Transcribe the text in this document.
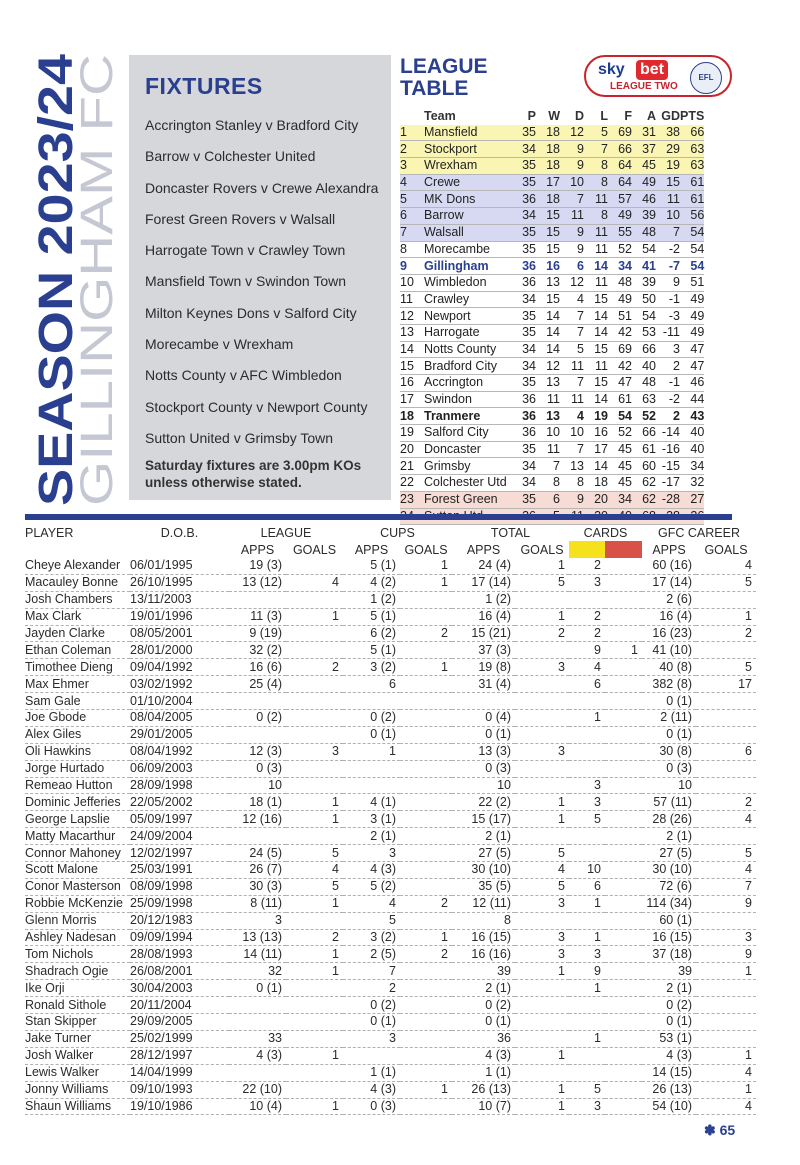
SEASON 2023/24
GILLINGHAM FC
FIXTURES
Accrington Stanley v Bradford City
Barrow v Colchester United
Doncaster Rovers v Crewe Alexandra
Forest Green Rovers v Walsall
Harrogate Town v Crawley Town
Mansfield Town v Swindon Town
Milton Keynes Dons v Salford City
Morecambe v Wrexham
Notts County v AFC Wimbledon
Stockport County v Newport County
Sutton United v Grimsby Town
Saturday fixtures are 3.00pm KOs unless otherwise stated.
LEAGUE
TABLE
sky bet
LEAGUE TWO
EFL
	Team	P	W	D	L	F	A	GD	PTS
1	Mansfield	35	18	12	5	69	31	38	66
2	Stockport	34	18	9	7	66	37	29	63
3	Wrexham	35	18	9	8	64	45	19	63
4	Crewe	35	17	10	8	64	49	15	61
5	MK Dons	36	18	7	11	57	46	11	61
6	Barrow	34	15	11	8	49	39	10	56
7	Walsall	35	15	9	11	55	48	7	54
8	Morecambe	35	15	9	11	52	54	-2	54
9	Gillingham	36	16	6	14	34	41	-7	54
10	Wimbledon	36	13	12	11	48	39	9	51
11	Crawley	34	15	4	15	49	50	-1	49
12	Newport	35	14	7	14	51	54	-3	49
13	Harrogate	35	14	7	14	42	53	-11	49
14	Notts County	34	14	5	15	69	66	3	47
15	Bradford City	34	12	11	11	42	40	2	47
16	Accrington	35	13	7	15	47	48	-1	46
17	Swindon	36	11	11	14	61	63	-2	44
18	Tranmere	36	13	4	19	54	52	2	43
19	Salford City	36	10	10	16	52	66	-14	40
20	Doncaster	35	11	7	17	45	61	-16	40
21	Grimsby	34	7	13	14	45	60	-15	34
22	Colchester Utd	34	8	8	18	45	62	-17	32
23	Forest Green	35	6	9	20	34	62	-28	27

PLAYER	D.O.B.	LEAGUE		CUPS		TOTAL		CARDS		GFC CAREER	
		APPS	GOALS	APPS	GOALS	APPS	GOALS			APPS	GOALS
Cheye Alexander	06/01/1995	19 (3)		5 (1)	1	24 (4)	1	2		60 (16)	4
Macauley Bonne	26/10/1995	13 (12)	4	4 (2)	1	17 (14)	5	3		17 (14)	5
Josh Chambers	13/11/2003			1 (2)		1 (2)				2 (6)	
Max Clark	19/01/1996	11 (3)	1	5 (1)		16 (4)	1	2		16 (4)	1
Jayden Clarke	08/05/2001	9 (19)		6 (2)	2	15 (21)	2	2		16 (23)	2
Ethan Coleman	28/01/2000	32 (2)		5 (1)		37 (3)		9	1	41 (10)	
Timothee Dieng	09/04/1992	16 (6)	2	3 (2)	1	19 (8)	3	4		40 (8)	5
Max Ehmer	03/02/1992	25 (4)		6		31 (4)		6		382 (8)	17
Sam Gale	01/10/2004									0 (1)	
Joe Gbode	08/04/2005	0 (2)		0 (2)		0 (4)		1		2 (11)	
Alex Giles	29/01/2005			0 (1)		0 (1)				0 (1)	
Oli Hawkins	08/04/1992	12 (3)	3	1		13 (3)	3			30 (8)	6
Jorge Hurtado	06/09/2003	0 (3)				0 (3)				0 (3)	
Remeao Hutton	28/09/1998	10				10		3		10	
Dominic Jefferies	22/05/2002	18 (1)	1	4 (1)		22 (2)	1	3		57 (11)	2
George Lapslie	05/09/1997	12 (16)	1	3 (1)		15 (17)	1	5		28 (26)	4
Matty Macarthur	24/09/2004			2 (1)		2 (1)				2 (1)	
Connor Mahoney	12/02/1997	24 (5)	5	3		27 (5)	5			27 (5)	5
Scott Malone	25/03/1991	26 (7)	4	4 (3)		30 (10)	4	10		30 (10)	4
Conor Masterson	08/09/1998	30 (3)	5	5 (2)		35 (5)	5	6		72 (6)	7
Robbie McKenzie	25/09/1998	8 (11)	1	4	2	12 (11)	3	1		114 (34)	9
Glenn Morris	20/12/1983	3		5		8				60 (1)	
Ashley Nadesan	09/09/1994	13 (13)	2	3 (2)	1	16 (15)	3	1		16 (15)	3
Tom Nichols	28/08/1993	14 (11)	1	2 (5)	2	16 (16)	3	3		37 (18)	9
Shadrach Ogie	26/08/2001	32	1	7		39	1	9		39	1
Ike Orji	30/04/2003	0 (1)		2		2 (1)		1		2 (1)	
Ronald Sithole	20/11/2004			0 (2)		0 (2)				0 (2)	
Stan Skipper	29/09/2005			0 (1)		0 (1)				0 (1)	
Jake Turner	25/02/1999	33		3		36		1		53 (1)	
Josh Walker	28/12/1997	4 (3)	1			4 (3)	1			4 (3)	1
Lewis Walker	14/04/1999			1 (1)		1 (1)				14 (15)	4
Jonny Williams	09/10/1993	22 (10)		4 (3)	1	26 (13)	1	5		26 (13)	1
Shaun Williams	19/10/1986	10 (4)	1	0 (3)		10 (7)	1	3		54 (10)	4
✽ 65
